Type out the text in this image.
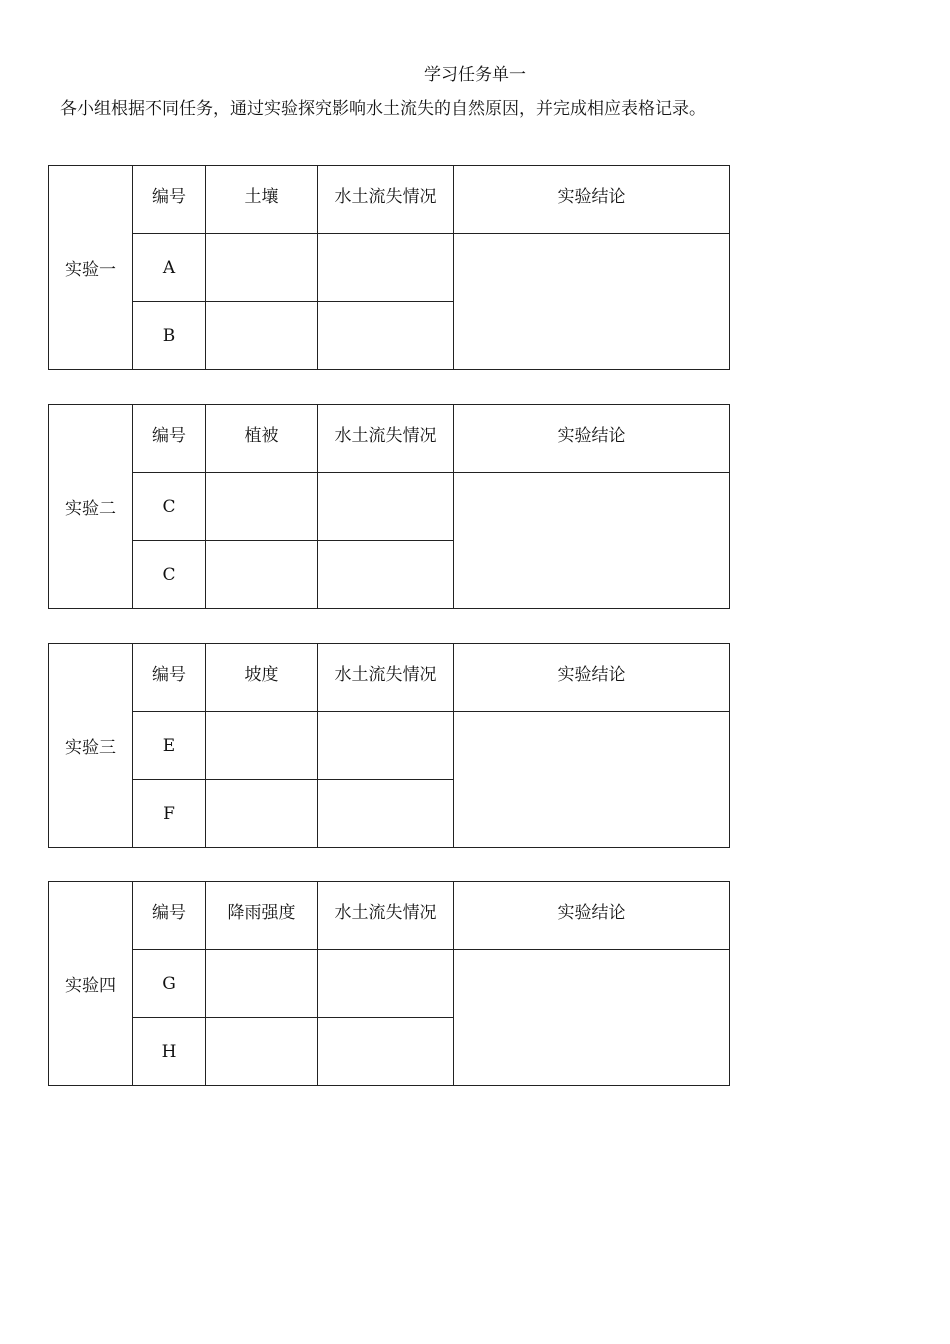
学习任务单一
各小组根据不同任务，通过实验探究影响水土流失的自然原因，并完成相应表格记录。
实验一	编号	土壤	水土流失情况	实验结论
	A			
	B			
实验二	编号	植被	水土流失情况	实验结论
	C			
	C			
实验三	编号	坡度	水土流失情况	实验结论
	E			
	F			
实验四	编号	降雨强度	水土流失情况	实验结论
	G			
	H			
